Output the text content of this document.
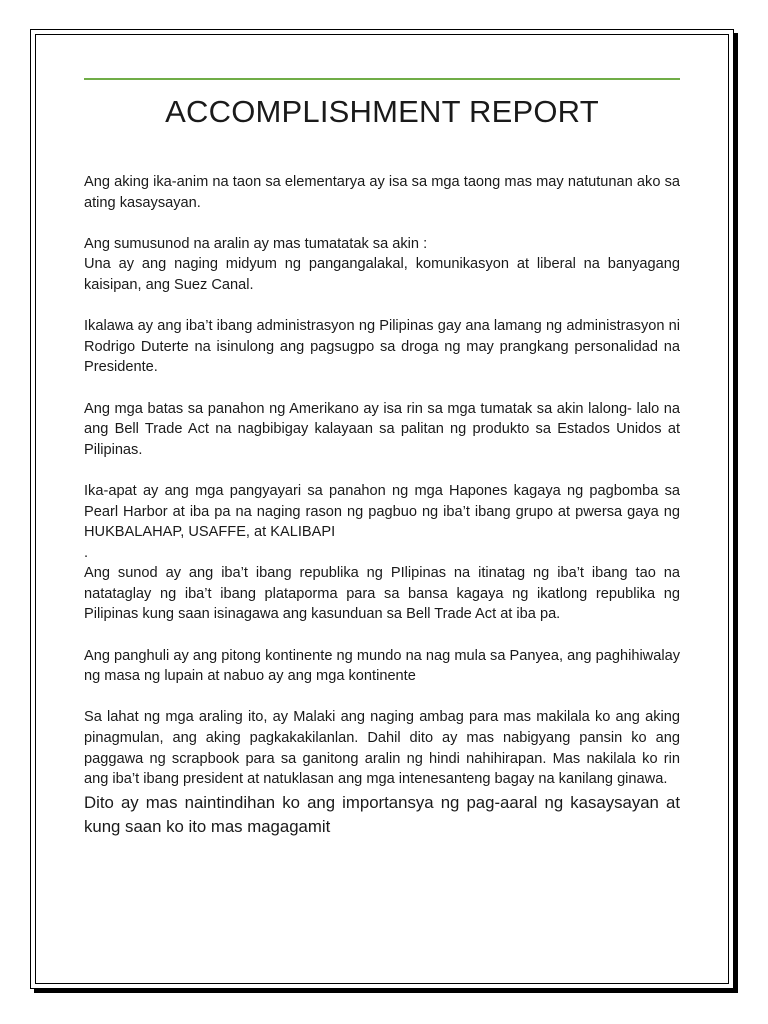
ACCOMPLISHMENT REPORT

Ang aking ika-anim na taon sa elementarya ay isa sa mga taong mas may natutunan ako sa ating kasaysayan.

Ang sumusunod na aralin ay mas tumatatak sa akin :

Una ay ang naging midyum ng pangangalakal, komunikasyon at liberal na banyagang kaisipan, ang Suez Canal.

Ikalawa ay ang iba’t ibang administrasyon ng Pilipinas gay ana lamang ng administrasyon ni Rodrigo Duterte na isinulong ang pagsugpo sa droga ng may prangkang personalidad na Presidente.

Ang mga batas sa panahon ng Amerikano ay isa rin sa mga tumatak sa akin lalong- lalo na ang Bell Trade Act na nagbibigay kalayaan sa palitan ng produkto sa Estados Unidos at Pilipinas.

Ika-apat ay ang mga pangyayari sa panahon ng mga Hapones kagaya ng pagbomba sa Pearl Harbor at iba pa na naging rason ng pagbuo ng iba’t ibang grupo at pwersa gaya ng HUKBALAHAP, USAFFE, at KALIBAPI

.

Ang sunod ay ang iba’t ibang republika ng PIlipinas na itinatag ng iba’t ibang tao na natataglay ng iba’t ibang plataporma para sa bansa kagaya ng ikatlong republika ng Pilipinas kung saan isinagawa ang kasunduan sa Bell Trade Act at iba pa.

Ang panghuli ay ang pitong kontinente ng mundo na nag mula sa Panyea, ang paghihiwalay ng masa ng lupain at nabuo ay ang mga kontinente

Sa lahat ng mga araling ito, ay Malaki ang naging ambag para mas makilala ko ang aking pinagmulan, ang aking pagkakakilanlan. Dahil dito ay mas nabigyang pansin ko ang paggawa ng scrapbook para sa ganitong aralin ng hindi nahihirapan. Mas nakilala ko rin ang iba’t ibang president at natuklasan ang mga intenesanteng bagay na kanilang ginawa.

Dito ay mas naintindihan ko ang importansya ng pag-aaral ng kasaysayan at kung saan ko ito mas magagamit
